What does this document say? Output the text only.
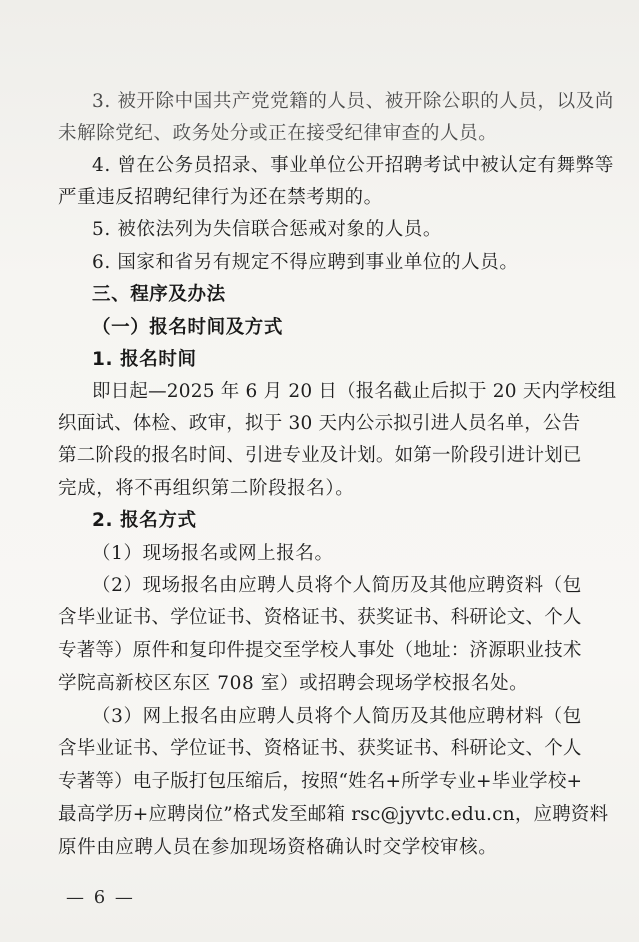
3. 被开除中国共产党党籍的人员、被开除公职的人员，以及尚
未解除党纪、政务处分或正在接受纪律审查的人员。
4. 曾在公务员招录、事业单位公开招聘考试中被认定有舞弊等
严重违反招聘纪律行为还在禁考期的。
5. 被依法列为失信联合惩戒对象的人员。
6. 国家和省另有规定不得应聘到事业单位的人员。
三、程序及办法
（一）报名时间及方式
1. 报名时间
即日起—2025 年 6 月 20 日（报名截止后拟于 20 天内学校组
织面试、体检、政审，拟于 30 天内公示拟引进人员名单，公告
第二阶段的报名时间、引进专业及计划。如第一阶段引进计划已
完成，将不再组织第二阶段报名）。
2. 报名方式
（1）现场报名或网上报名。
（2）现场报名由应聘人员将个人简历及其他应聘资料（包
含毕业证书、学位证书、资格证书、获奖证书、科研论文、个人
专著等）原件和复印件提交至学校人事处（地址：济源职业技术
学院高新校区东区 708 室）或招聘会现场学校报名处。
（3）网上报名由应聘人员将个人简历及其他应聘材料（包
含毕业证书、学位证书、资格证书、获奖证书、科研论文、个人
专著等）电子版打包压缩后，按照“姓名+所学专业+毕业学校+
最高学历+应聘岗位”格式发至邮箱 rsc@jyvtc.edu.cn，应聘资料
原件由应聘人员在参加现场资格确认时交学校审核。
— 6 —
